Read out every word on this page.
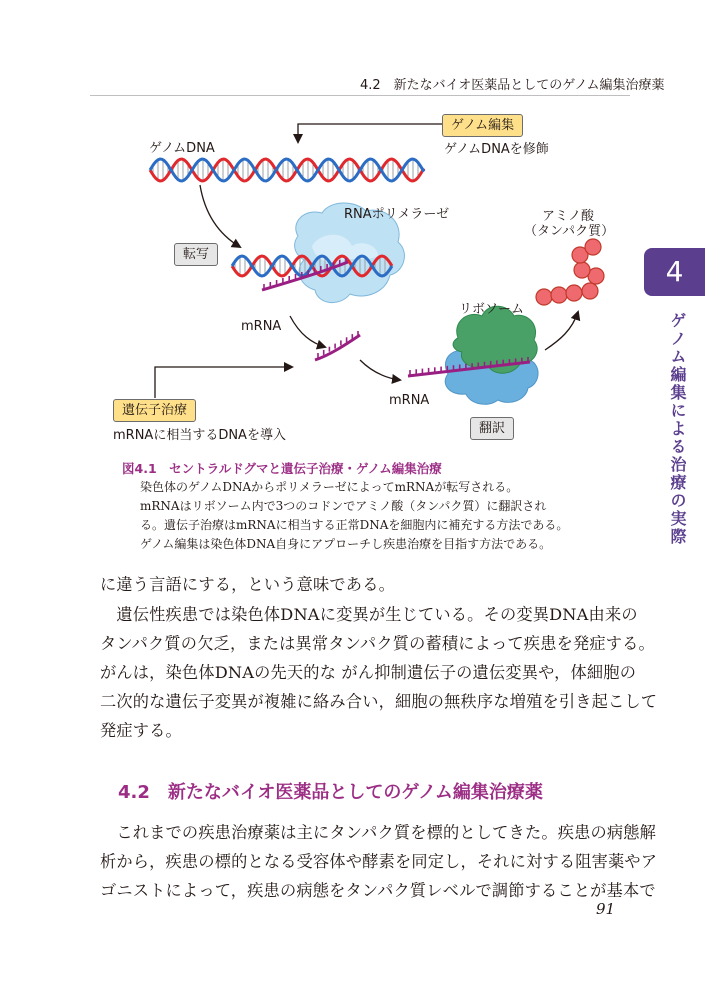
4.2　新たなバイオ医薬品としてのゲノム編集治療薬
4
ゲノム編集による治療の実際
ゲノムDNA
ゲノム編集
ゲノムDNAを修飾
RNAポリメラーゼ	アミノ酸
（タンパク質）
転写
mRNA
リボソーム
mRNA
遺伝子治療
mRNAに相当するDNAを導入	翻訳
図4.1　セントラルドグマと遺伝子治療・ゲノム編集治療
染色体のゲノムDNAからポリメラーゼによってmRNAが転写される。
mRNAはリボソーム内で3つのコドンでアミノ酸（タンパク質）に翻訳され
る。遺伝子治療はmRNAに相当する正常DNAを細胞内に補充する方法である。
ゲノム編集は染色体DNA自身にアプローチし疾患治療を目指す方法である。
に違う言語にする，という意味である。
　遺伝性疾患では染色体DNAに変異が生じている。その変異DNA由来の
タンパク質の欠乏，または異常タンパク質の蓄積によって疾患を発症する。
がんは，染色体DNAの先天的な がん抑制遺伝子の遺伝変異や，体細胞の
二次的な遺伝子変異が複雑に絡み合い，細胞の無秩序な増殖を引き起こして
発症する。
4.2　新たなバイオ医薬品としてのゲノム編集治療薬
　これまでの疾患治療薬は主にタンパク質を標的としてきた。疾患の病態解
析から，疾患の標的となる受容体や酵素を同定し，それに対する阻害薬やア
ゴニストによって，疾患の病態をタンパク質レベルで調節することが基本で
91
